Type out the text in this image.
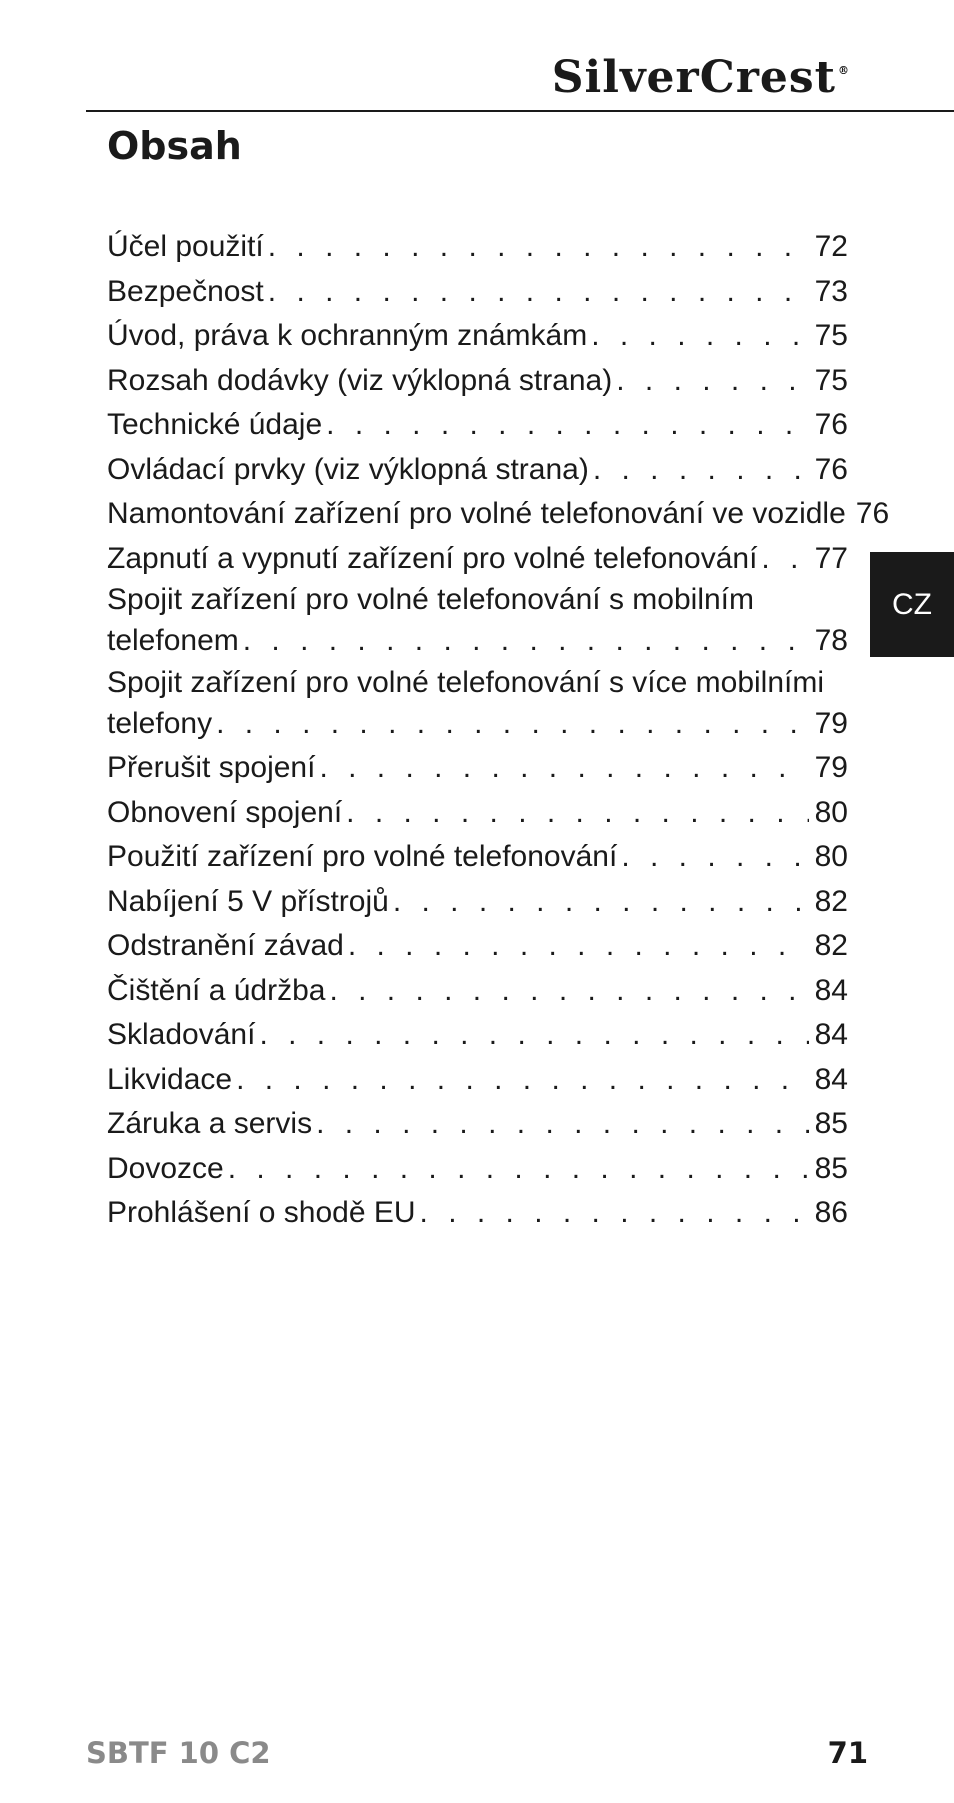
SilverCrest ®
Obsah
Účel použití . . .	72
Bezpečnost . . .	73
Úvod, práva k ochranným známkám . . .	75
Rozsah dodávky (viz výklopná strana) . . .	75
Technické údaje . . .	76
Ovládací prvky (viz výklopná strana) . . .	76
Namontování zařízení pro volné telefonování ve vozidle 76
Zapnutí a vypnutí zařízení pro volné telefonování . . . 77
Spojit zařízení pro volné telefonování s mobilním
telefonem . . .	78
Spojit zařízení pro volné telefonování s více mobilními
telefony . . .	79
Přerušit spojení . . .	79
Obnovení spojení . . .	80
Použití zařízení pro volné telefonování . . .	80
Nabíjení 5 V přístrojů . . .	82
Odstranění závad . . .	82
Čištění a údržba . . .	84
Skladování . . .	84
Likvidace . . .	84
Záruka a servis . . .	85
Dovozce . . .	85
Prohlášení o shodě EU . . .	86
CZ
SBTF 10 C2	71
